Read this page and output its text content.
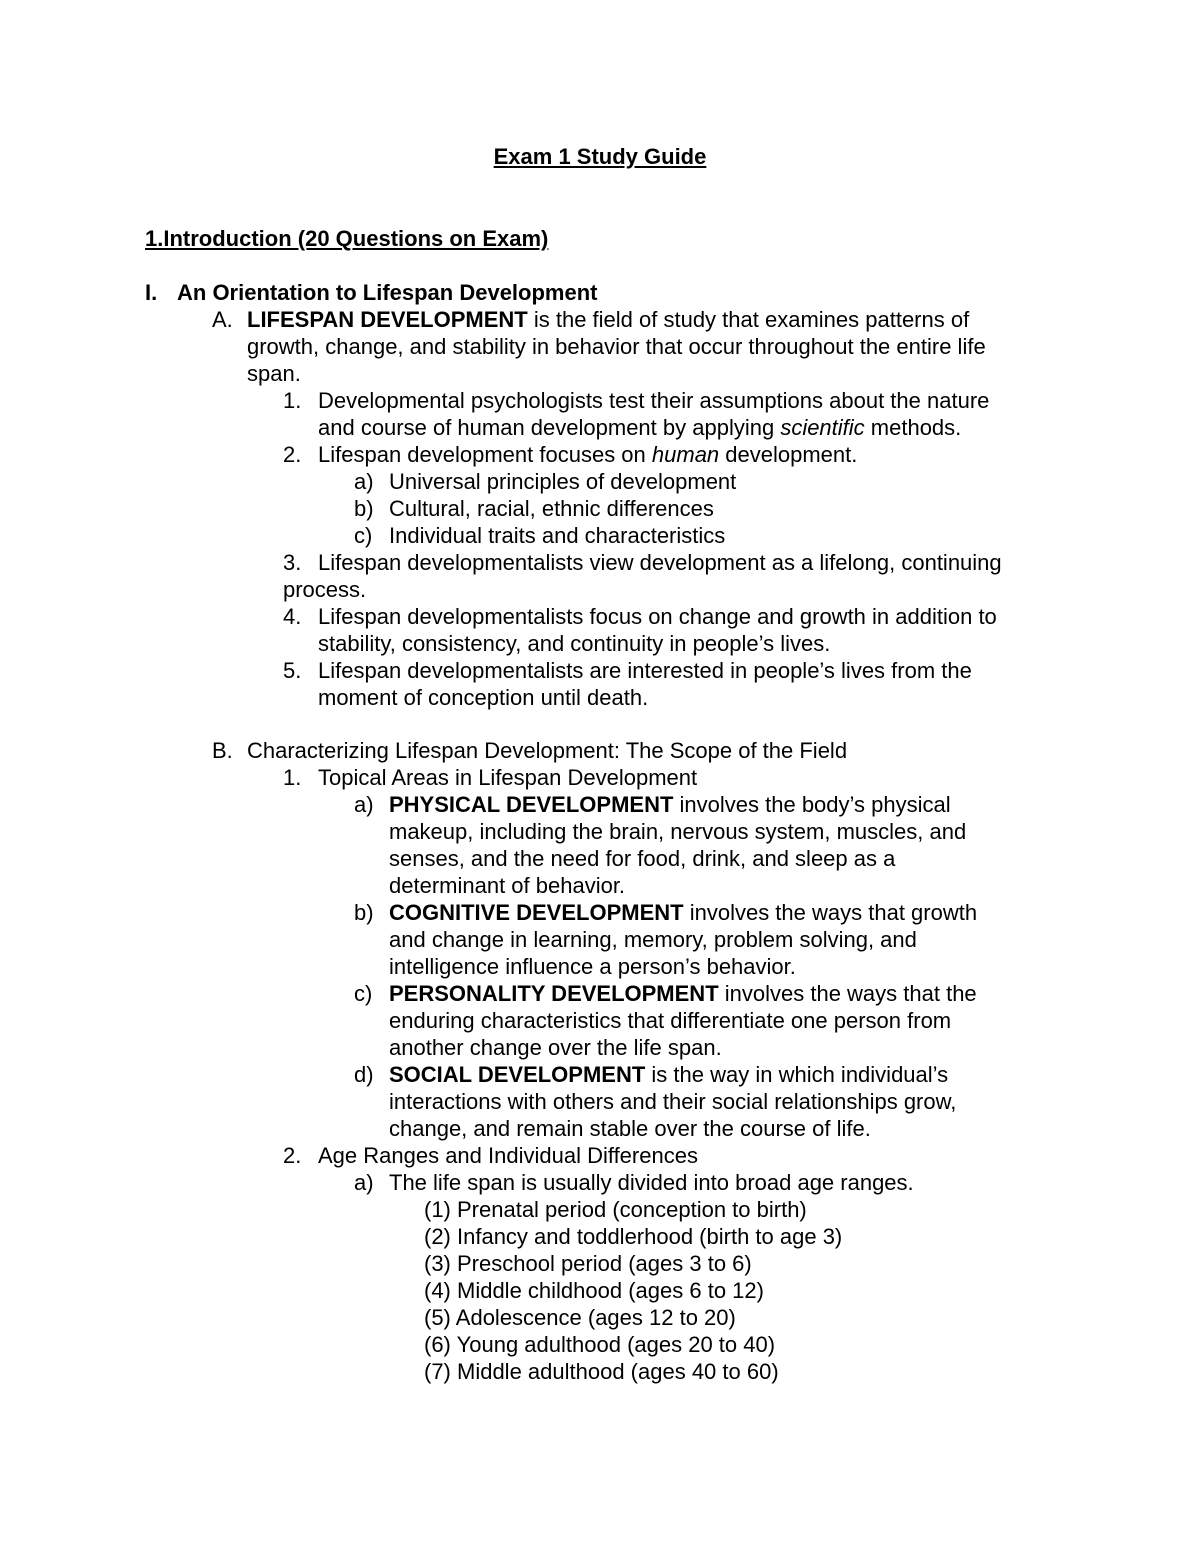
Exam 1 Study Guide
1.Introduction (20 Questions on Exam)
I. An Orientation to Lifespan Development
A. LIFESPAN DEVELOPMENT is the field of study that examines patterns of
growth, change, and stability in behavior that occur throughout the entire life
span.
1. Developmental psychologists test their assumptions about the nature
and course of human development by applying scientific methods.
2. Lifespan development focuses on human development.
a) Universal principles of development
b) Cultural, racial, ethnic differences
c) Individual traits and characteristics
3. Lifespan developmentalists view development as a lifelong, continuing
process.
4. Lifespan developmentalists focus on change and growth in addition to
stability, consistency, and continuity in people’s lives.
5. Lifespan developmentalists are interested in people’s lives from the
moment of conception until death.
B. Characterizing Lifespan Development: The Scope of the Field
1. Topical Areas in Lifespan Development
a) PHYSICAL DEVELOPMENT involves the body’s physical
makeup, including the brain, nervous system, muscles, and
senses, and the need for food, drink, and sleep as a
determinant of behavior.
b) COGNITIVE DEVELOPMENT involves the ways that growth
and change in learning, memory, problem solving, and
intelligence influence a person’s behavior.
c) PERSONALITY DEVELOPMENT involves the ways that the
enduring characteristics that differentiate one person from
another change over the life span.
d) SOCIAL DEVELOPMENT is the way in which individual’s
interactions with others and their social relationships grow,
change, and remain stable over the course of life.
2. Age Ranges and Individual Differences
a) The life span is usually divided into broad age ranges.
(1) Prenatal period (conception to birth)
(2) Infancy and toddlerhood (birth to age 3)
(3) Preschool period (ages 3 to 6)
(4) Middle childhood (ages 6 to 12)
(5) Adolescence (ages 12 to 20)
(6) Young adulthood (ages 20 to 40)
(7) Middle adulthood (ages 40 to 60)
